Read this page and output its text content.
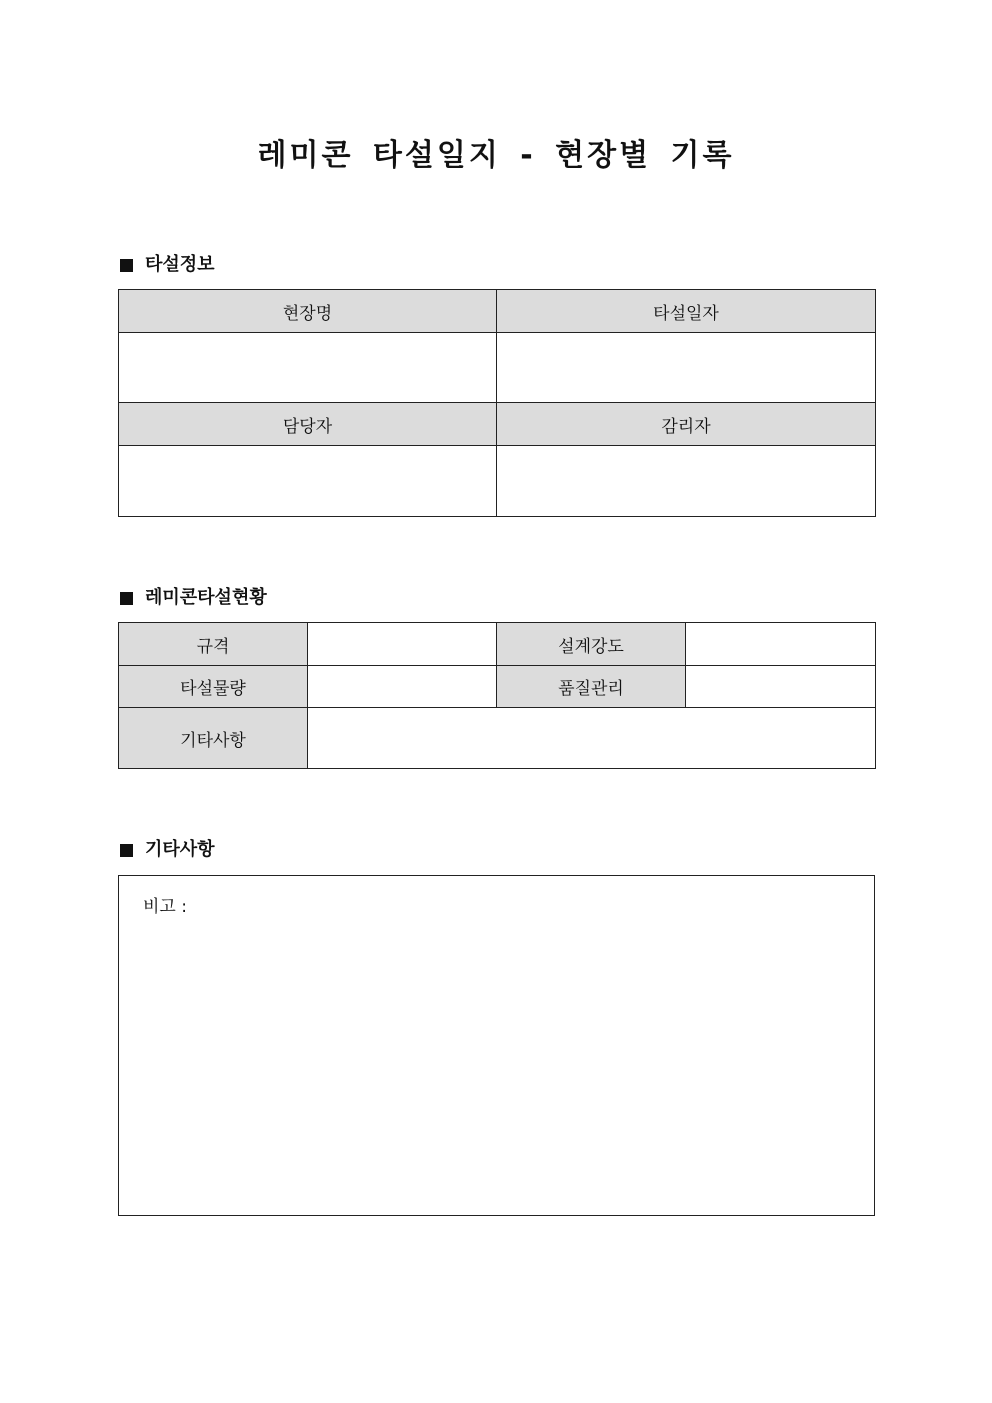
레미콘 타설일지 - 현장별 기록
타설정보
현장명	타설일자

담당자	감리자

레미콘타설현황
규격		설계강도	
타설물량		품질관리	
기타사항			
기타사항
비고 :
